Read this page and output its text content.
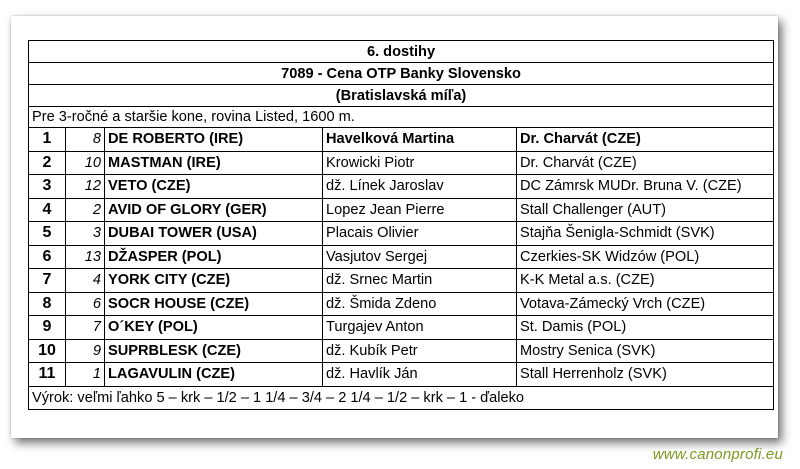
6. dostihy				
7089 - Cena OTP Banky Slovensko				
(Bratislavská míľa)				
Pre 3-ročné a staršie kone, rovina Listed, 1600 m.				
1	8	DE ROBERTO (IRE)	Havelková Martina	Dr. Charvát (CZE)
2	10	MASTMAN (IRE)	Krowicki Piotr	Dr. Charvát (CZE)
3	12	VETO (CZE)	dž. Línek Jaroslav	DC Zámrsk MUDr. Bruna V. (CZE)
4	2	AVID OF GLORY (GER)	Lopez Jean Pierre	Stall Challenger (AUT)
5	3	DUBAI TOWER (USA)	Placais Olivier	Stajňa Šenigla-Schmidt (SVK)
6	13	DŽASPER (POL)	Vasjutov Sergej	Czerkies-SK Widzów (POL)
7	4	YORK CITY (CZE)	dž. Srnec Martin	K-K Metal a.s. (CZE)
8	6	SOCR HOUSE (CZE)	dž. Šmida Zdeno	Votava-Zámecký Vrch (CZE)
9	7	O´KEY (POL)	Turgajev Anton	St. Damis (POL)
10	9	SUPRBLESK (CZE)	dž. Kubík Petr	Mostry Senica (SVK)
11	1	LAGAVULIN (CZE)	dž. Havlík Ján	Stall Herrenholz (SVK)
Výrok: veľmi ľahko 5 – krk – 1/2 – 1 1/4 – 3/4 – 2 1/4 – 1/2 – krk – 1 - ďaleko				
www.canonprofi.eu
